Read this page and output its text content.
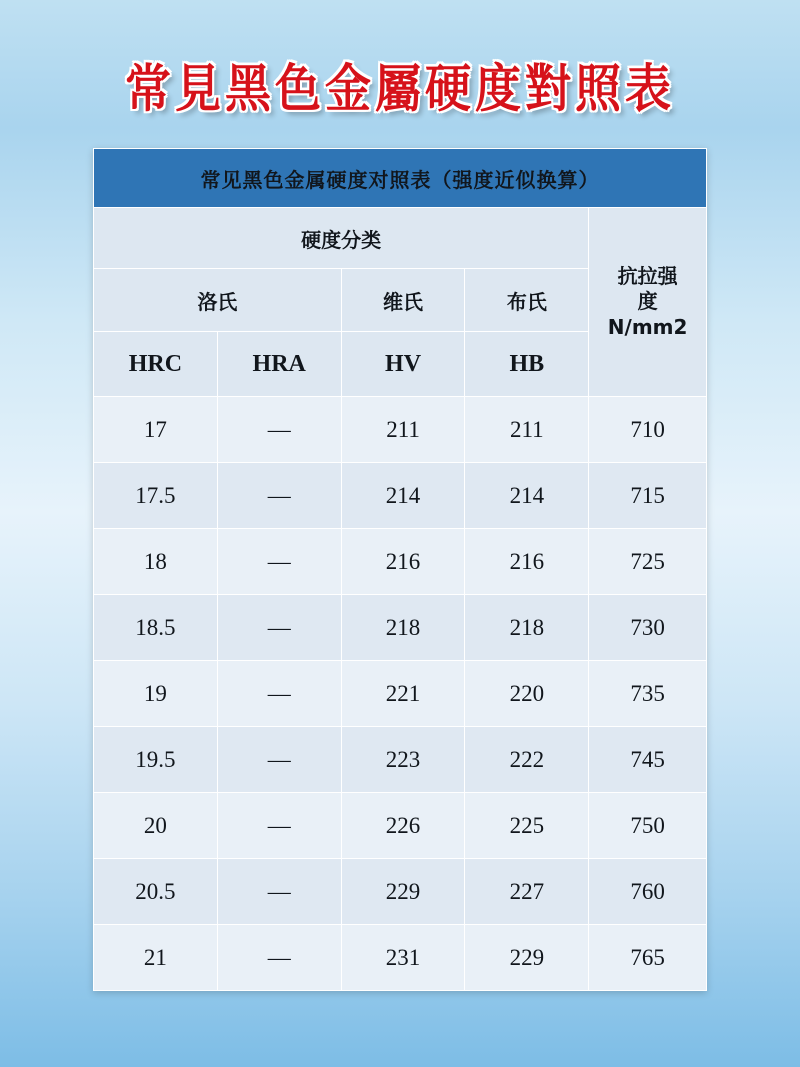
常見黑色金屬硬度對照表
常见黑色金属硬度对照表（强度近似换算）				
硬度分类				抗拉强
度
N/mm2

洛氏		维氏	布氏	
HRC	HRA	HV	HB	
17	—	211	211	710
17.5	—	214	214	715
18	—	216	216	725
18.5	—	218	218	730
19	—	221	220	735
19.5	—	223	222	745
20	—	226	225	750
20.5	—	229	227	760
21	—	231	229	765
